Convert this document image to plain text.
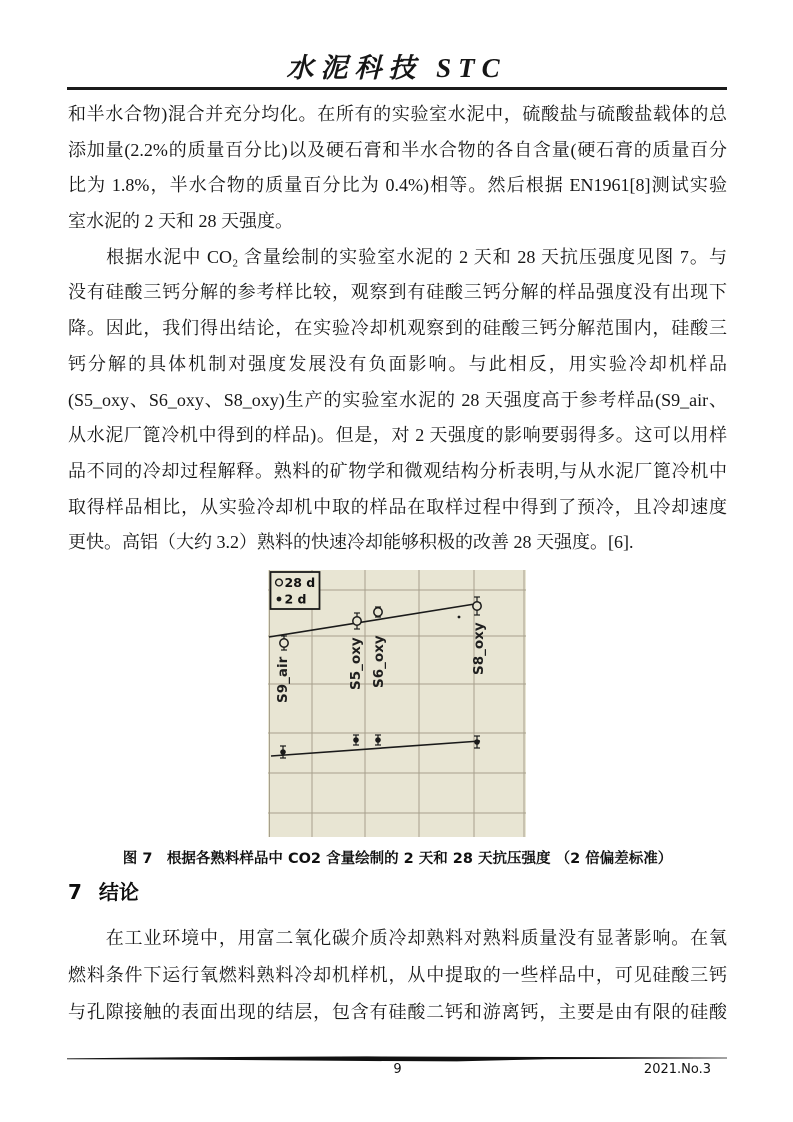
水泥科技 STC
和半水合物)混合并充分均化。在所有的实验室水泥中，硫酸盐与硫酸盐载体的总
添加量(2.2%的质量百分比)以及硬石膏和半水合物的各自含量(硬石膏的质量百分
比为 1.8%，半水合物的质量百分比为 0.4%)相等。然后根据 EN1961[8]测试实验
室水泥的 2 天和 28 天强度。
　　根据水泥中 CO₂ 含量绘制的实验室水泥的 2 天和 28 天抗压强度见图 7。与
没有硅酸三钙分解的参考样比较，观察到有硅酸三钙分解的样品强度没有出现下
降。因此，我们得出结论，在实验冷却机观察到的硅酸三钙分解范围内，硅酸三
钙分解的具体机制对强度发展没有负面影响。与此相反，用实验冷却机样品
(S5_oxy、S6_oxy、S8_oxy)生产的实验室水泥的 28 天强度高于参考样品(S9_air、
从水泥厂篦冷机中得到的样品)。但是，对 2 天强度的影响要弱得多。这可以用样
品不同的冷却过程解释。熟料的矿物学和微观结构分析表明,与从水泥厂篦冷机中
取得样品相比，从实验冷却机中取的样品在取样过程中得到了预冷，且冷却速度
更快。高铝（大约 3.2）熟料的快速冷却能够积极的改善 28 天强度。[6].
S9_air	S5_oxy S6_oxy	S8_oxy
28 d
2 d
图 7　根据各熟料样品中 CO2 含量绘制的 2 天和 28 天抗压强度 （2 倍偏差标准）
7 结论
　　在工业环境中，用富二氧化碳介质冷却熟料对熟料质量没有显著影响。在氧
燃料条件下运行氧燃料熟料冷却机样机，从中提取的一些样品中，可见硅酸三钙
与孔隙接触的表面出现的结层，包含有硅酸二钙和游离钙，主要是由有限的硅酸
9	2021.No.3
